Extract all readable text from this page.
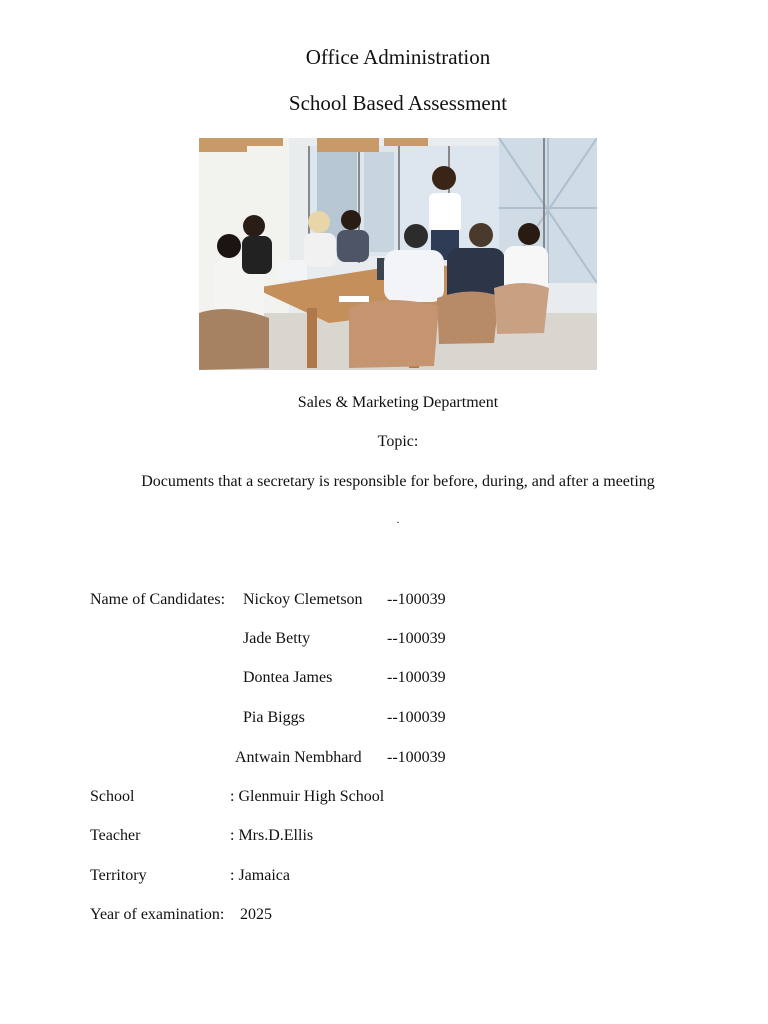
Office Administration
School Based Assessment
Sales & Marketing Department
Topic:
Documents that a secretary is responsible for before, during, and after a meeting
.
Name of Candidates: Nickoy Clemetson --100039
Jade Betty	--100039
Dontea James	--100039
Pia Biggs	--100039
Antwain Nembhard --100039
School	: Glenmuir High School
Teacher	: Mrs.D.Ellis
Territory	: Jamaica
Year of examination: 2025
